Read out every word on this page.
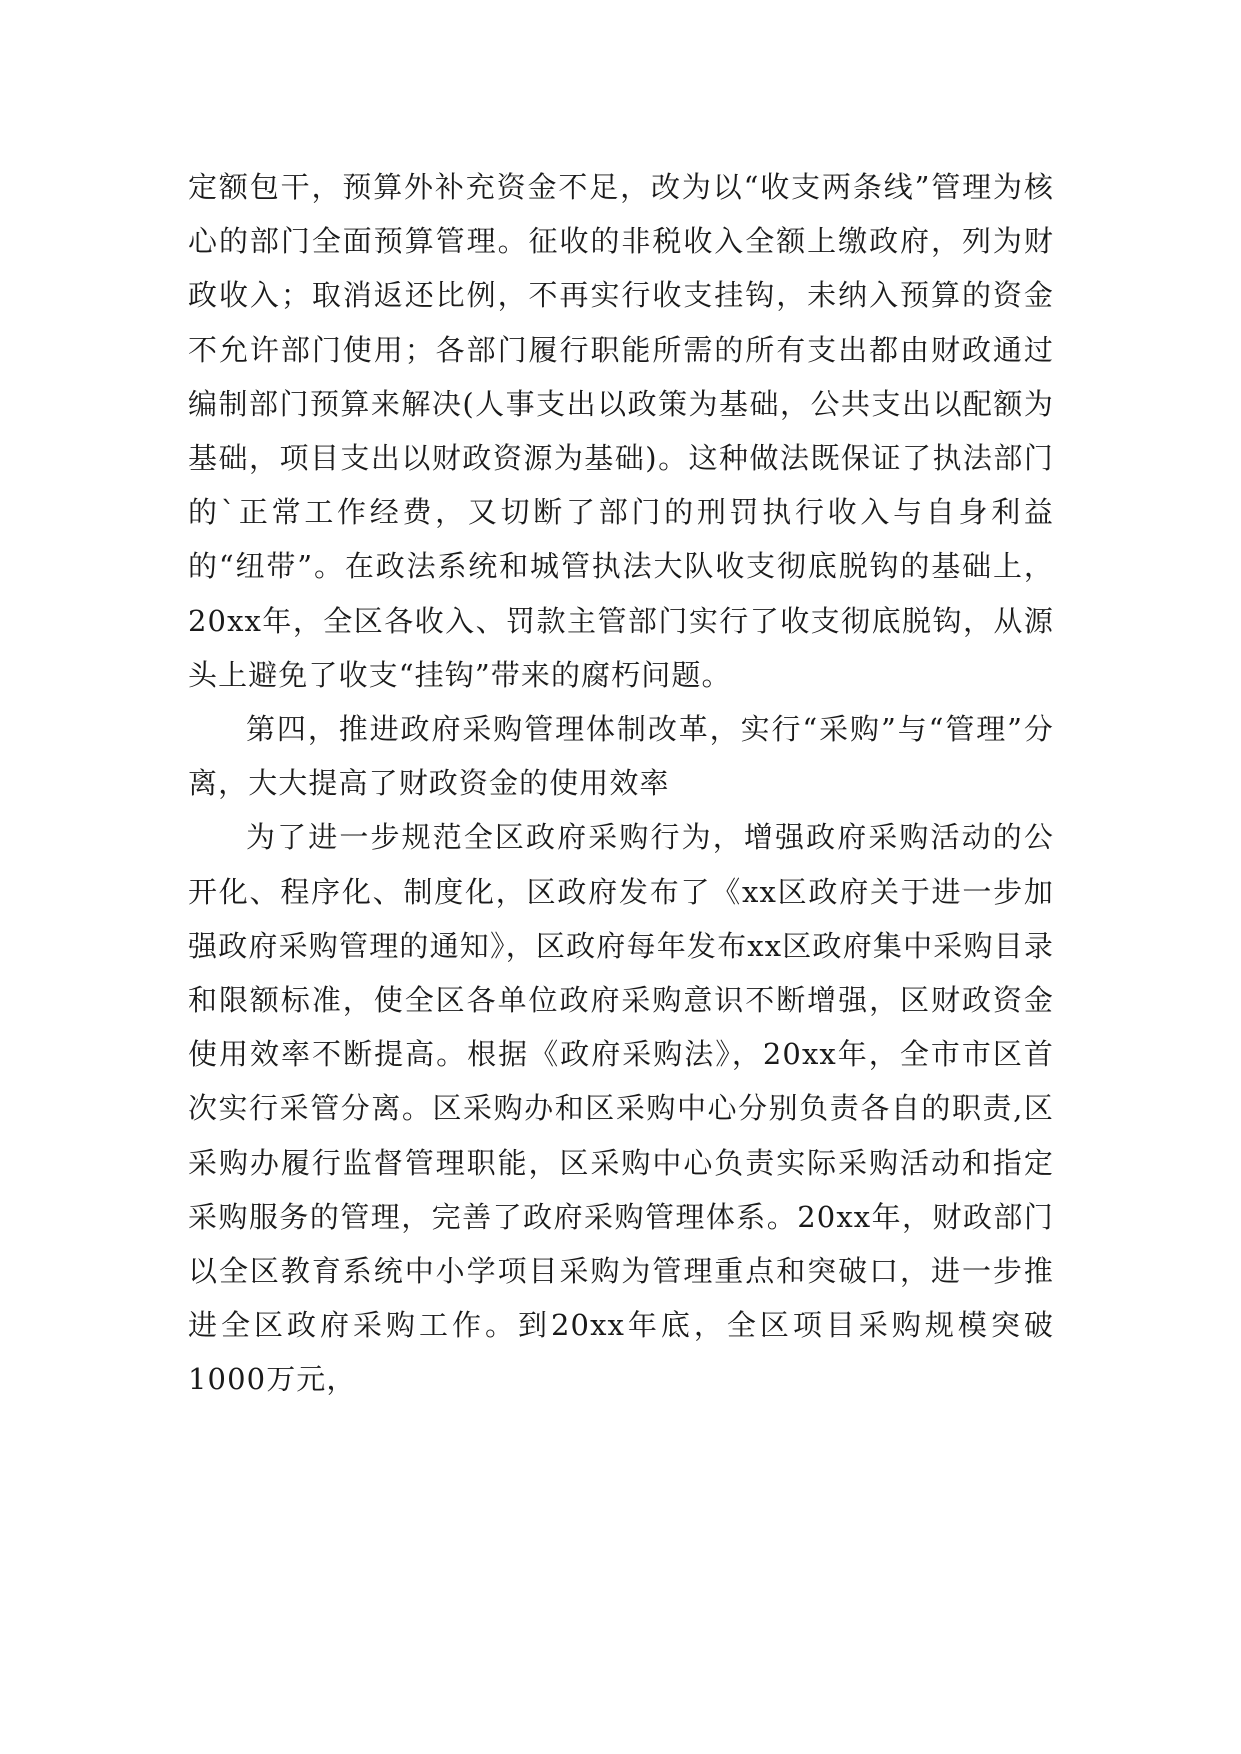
定额包干，预算外补充资金不足，改为以“收支两条线”管理为核心的部门全面预算管理。征收的非税收入全额上缴政府，列为财政收入；取消返还比例，不再实行收支挂钩，未纳入预算的资金不允许部门使用；各部门履行职能所需的所有支出都由财政通过编制部门预算来解决(人事支出以政策为基础，公共支出以配额为基础，项目支出以财政资源为基础)。这种做法既保证了执法部门的`正常工作经费，又切断了部门的刑罚执行收入与自身利益的“纽带”。在政法系统和城管执法大队收支彻底脱钩的基础上，20xx年，全区各收入、罚款主管部门实行了收支彻底脱钩，从源头上避免了收支“挂钩”带来的腐朽问题。

第四，推进政府采购管理体制改革，实行“采购”与“管理”分离，大大提高了财政资金的使用效率

为了进一步规范全区政府采购行为，增强政府采购活动的公开化、程序化、制度化，区政府发布了《xx区政府关于进一步加强政府采购管理的通知》，区政府每年发布xx区政府集中采购目录和限额标准，使全区各单位政府采购意识不断增强，区财政资金使用效率不断提高。根据《政府采购法》，20xx年，全市市区首次实行采管分离。区采购办和区采购中心分别负责各自的职责,区采购办履行监督管理职能，区采购中心负责实际采购活动和指定采购服务的管理，完善了政府采购管理体系。20xx年，财政部门以全区教育系统中小学项目采购为管理重点和突破口，进一步推进全区政府采购工作。到20xx年底，全区项目采购规模突破1000万元，
